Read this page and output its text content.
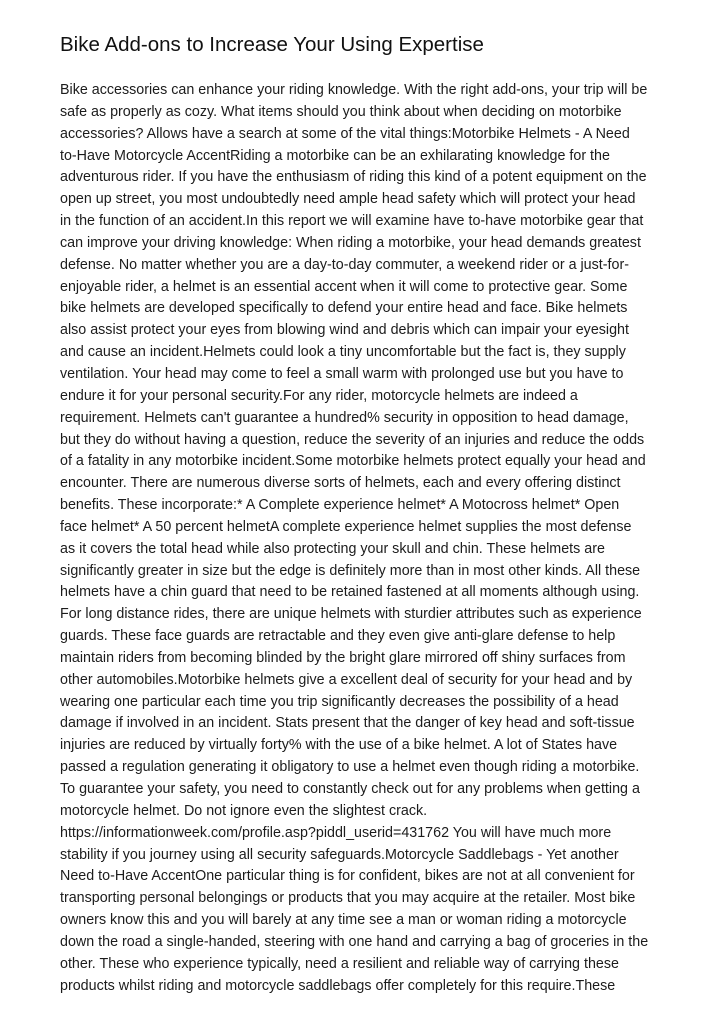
Bike Add-ons to Increase Your Using Expertise
Bike accessories can enhance your riding knowledge. With the right add-ons, your trip will be
safe as properly as cozy. What items should you think about when deciding on motorbike
accessories? Allows have a search at some of the vital things:Motorbike Helmets - A Need
to-Have Motorcycle AccentRiding a motorbike can be an exhilarating knowledge for the
adventurous rider. If you have the enthusiasm of riding this kind of a potent equipment on the
open up street, you most undoubtedly need ample head safety which will protect your head
in the function of an accident.In this report we will examine have to-have motorbike gear that
can improve your driving knowledge: When riding a motorbike, your head demands greatest
defense. No matter whether you are a day-to-day commuter, a weekend rider or a just-for-
enjoyable rider, a helmet is an essential accent when it will come to protective gear. Some
bike helmets are developed specifically to defend your entire head and face. Bike helmets
also assist protect your eyes from blowing wind and debris which can impair your eyesight
and cause an incident.Helmets could look a tiny uncomfortable but the fact is, they supply
ventilation. Your head may come to feel a small warm with prolonged use but you have to
endure it for your personal security.For any rider, motorcycle helmets are indeed a
requirement. Helmets can't guarantee a hundred% security in opposition to head damage,
but they do without having a question, reduce the severity of an injuries and reduce the odds
of a fatality in any motorbike incident.Some motorbike helmets protect equally your head and
encounter. There are numerous diverse sorts of helmets, each and every offering distinct
benefits. These incorporate:* A Complete experience helmet* A Motocross helmet* Open
face helmet* A 50 percent helmetA complete experience helmet supplies the most defense
as it covers the total head while also protecting your skull and chin. These helmets are
significantly greater in size but the edge is definitely more than in most other kinds. All these
helmets have a chin guard that need to be retained fastened at all moments although using.
For long distance rides, there are unique helmets with sturdier attributes such as experience
guards. These face guards are retractable and they even give anti-glare defense to help
maintain riders from becoming blinded by the bright glare mirrored off shiny surfaces from
other automobiles.Motorbike helmets give a excellent deal of security for your head and by
wearing one particular each time you trip significantly decreases the possibility of a head
damage if involved in an incident. Stats present that the danger of key head and soft-tissue
injuries are reduced by virtually forty% with the use of a bike helmet. A lot of States have
passed a regulation generating it obligatory to use a helmet even though riding a motorbike.
To guarantee your safety, you need to constantly check out for any problems when getting a
motorcycle helmet. Do not ignore even the slightest crack.
https://informationweek.com/profile.asp?piddl_userid=431762 You will have much more
stability if you journey using all security safeguards.Motorcycle Saddlebags - Yet another
Need to-Have AccentOne particular thing is for confident, bikes are not at all convenient for
transporting personal belongings or products that you may acquire at the retailer. Most bike
owners know this and you will barely at any time see a man or woman riding a motorcycle
down the road a single-handed, steering with one hand and carrying a bag of groceries in the
other. These who experience typically, need a resilient and reliable way of carrying these
products whilst riding and motorcycle saddlebags offer completely for this require.These
